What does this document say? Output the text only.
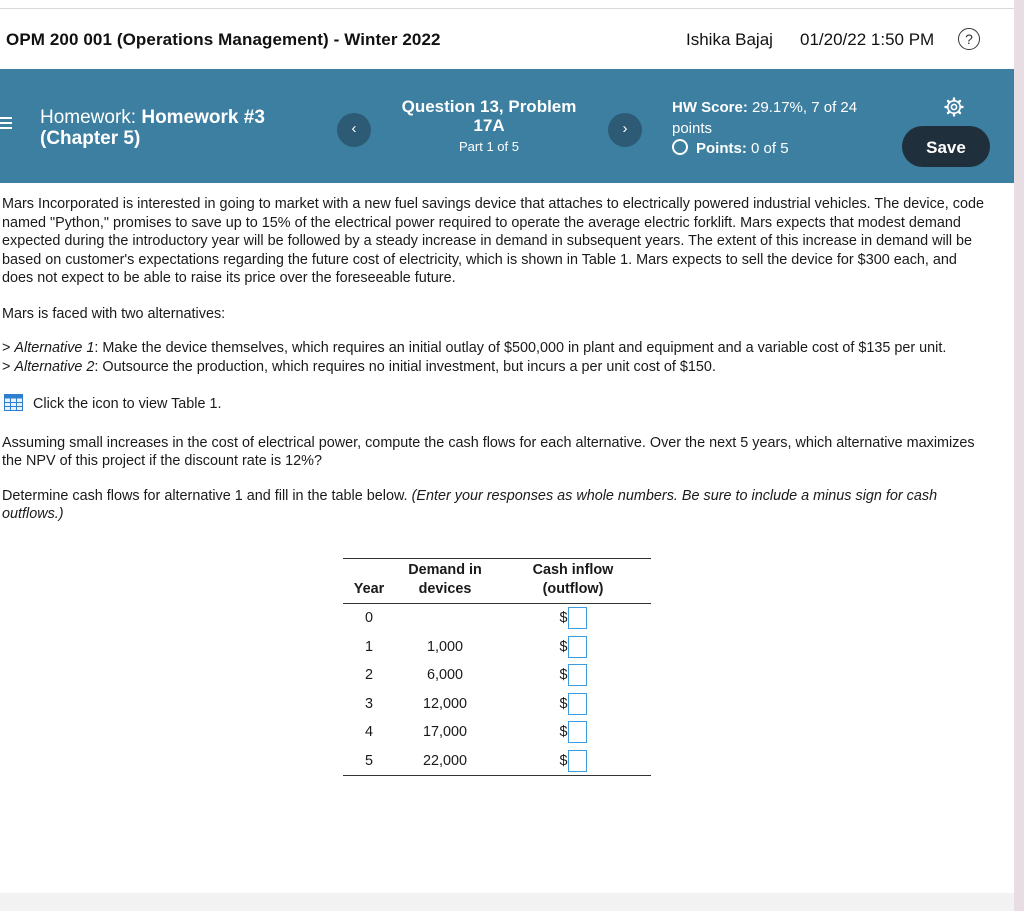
OPM 200 001 (Operations Management) - Winter 2022	Ishika Bajaj 01/20/22 1:50 PM	?
Homework: Homework #3
(Chapter 5)	‹
Question 13, Problem 17A
Part 1 of 5
›
HW Score: 29.17%, 7 of 24 points
Points: 0 of 5	Save

Mars Incorporated is interested in going to market with a new fuel savings device that attaches to electrically powered industrial vehicles. The device, code named "Python," promises to save up to 15% of the electrical power required to operate the average electric forklift. Mars expects that modest demand expected during the introductory year will be followed by a steady increase in demand in subsequent years. The extent of this increase in demand will be based on customer's expectations regarding the future cost of electricity, which is shown in Table 1. Mars expects to sell the device for $300 each, and does not expect to be able to raise its price over the foreseeable future.

Mars is faced with two alternatives:

> Alternative 1: Make the device themselves, which requires an initial outlay of $500,000 in plant and equipment and a variable cost of $135 per unit.

> Alternative 2: Outsource the production, which requires no initial investment, but incurs a per unit cost of $150.

Click the icon to view Table 1.

Assuming small increases in the cost of electrical power, compute the cash flows for each alternative. Over the next 5 years, which alternative maximizes the NPV of this project if the discount rate is 12%?

Determine cash flows for alternative 1 and fill in the table below. (Enter your responses as whole numbers. Be sure to include a minus sign for cash outflows.)

Year	Demand in devices	Cash inflow (outflow)
0		$
1	1,000	$
2	6,000	$
3	12,000	$
4	17,000	$
5	22,000	$
